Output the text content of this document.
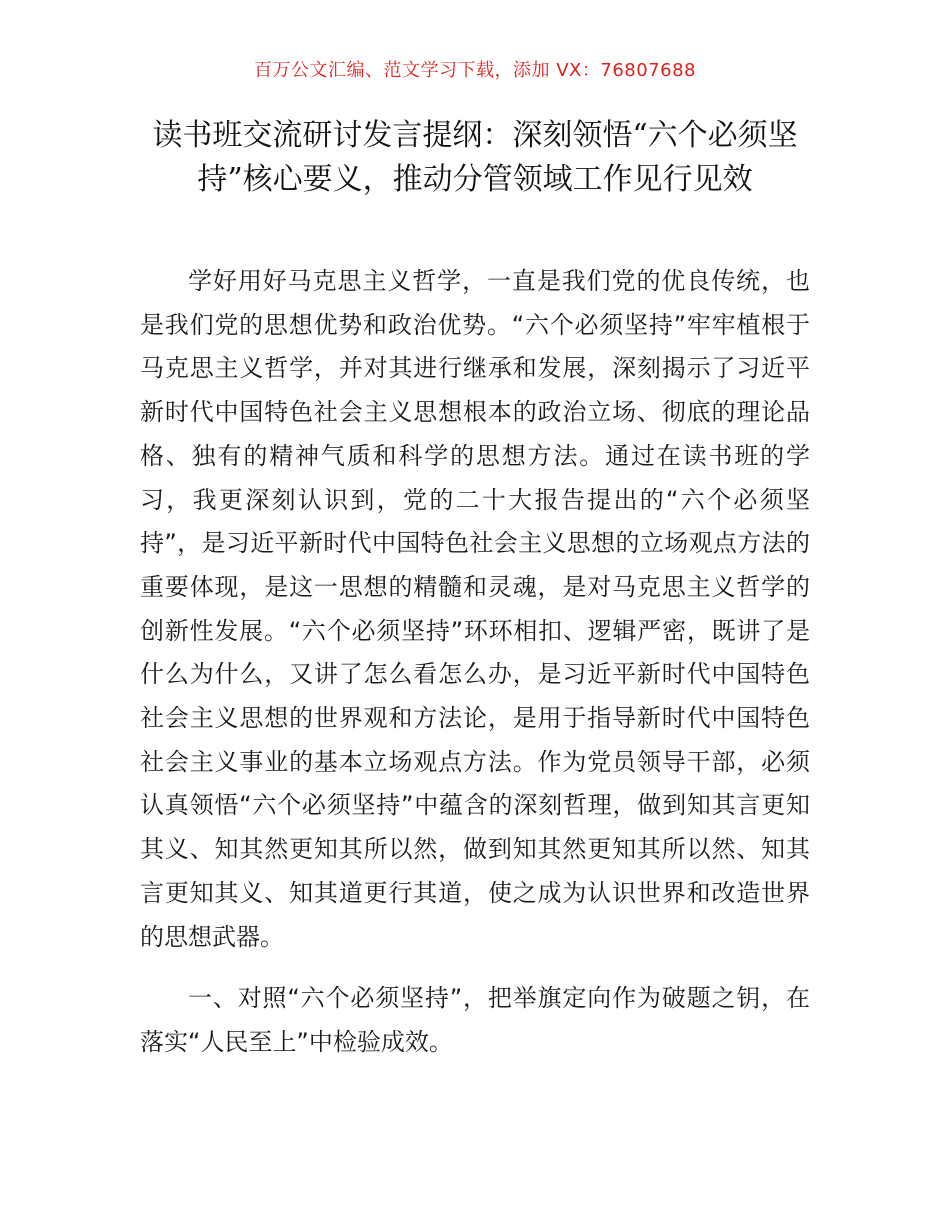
百万公文汇编、范文学习下载，添加 VX：76807688
读书班交流研讨发言提纲：深刻领悟“六个必须坚持”核心要义，推动分管领域工作见行见效

学好用好马克思主义哲学，一直是我们党的优良传统，也是我们党的思想优势和政治优势。“六个必须坚持”牢牢植根于马克思主义哲学，并对其进行继承和发展，深刻揭示了习近平新时代中国特色社会主义思想根本的政治立场、彻底的理论品格、独有的精神气质和科学的思想方法。通过在读书班的学习，我更深刻认识到，党的二十大报告提出的“六个必须坚持”，是习近平新时代中国特色社会主义思想的立场观点方法的重要体现，是这一思想的精髓和灵魂，是对马克思主义哲学的创新性发展。“六个必须坚持”环环相扣、逻辑严密，既讲了是什么为什么，又讲了怎么看怎么办，是习近平新时代中国特色社会主义思想的世界观和方法论，是用于指导新时代中国特色社会主义事业的基本立场观点方法。作为党员领导干部，必须认真领悟“六个必须坚持”中蕴含的深刻哲理，做到知其言更知其义、知其然更知其所以然，做到知其然更知其所以然、知其言更知其义、知其道更行其道，使之成为认识世界和改造世界的思想武器。

一、对照“六个必须坚持”，把举旗定向作为破题之钥，在落实“人民至上”中检验成效。
